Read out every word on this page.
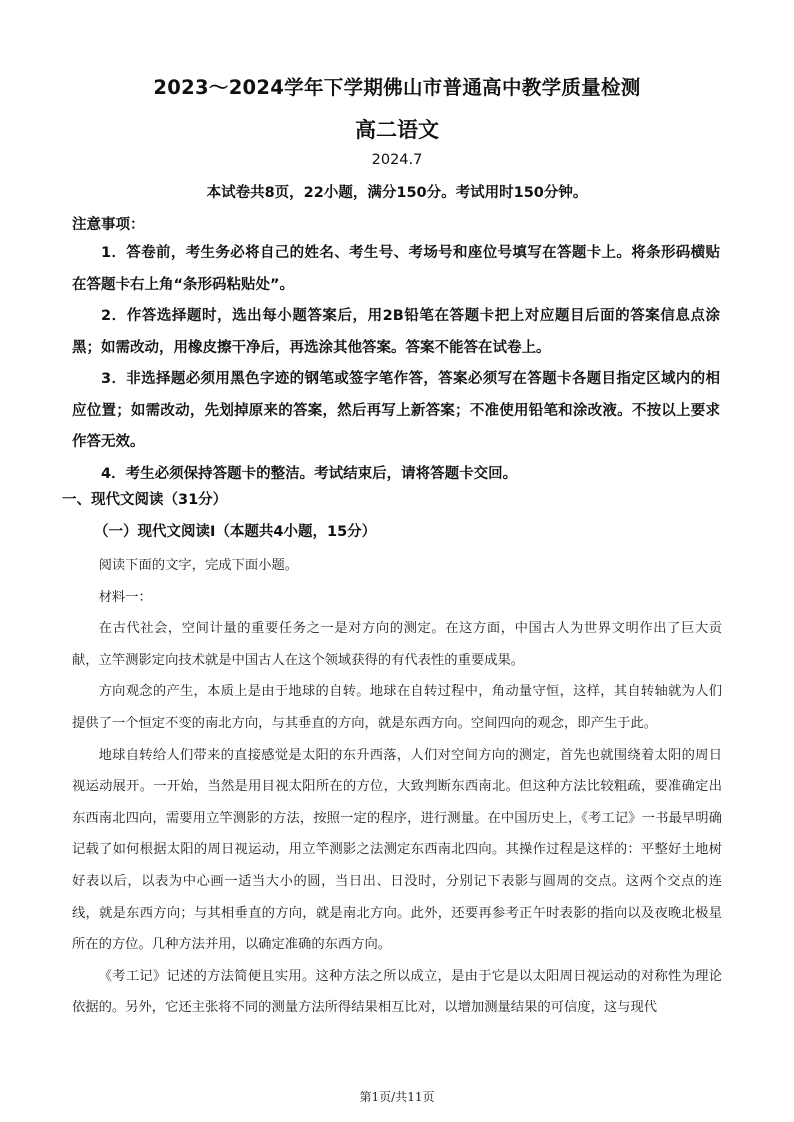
2023～2024学年下学期佛山市普通高中教学质量检测
高二语文
2024.7
本试卷共8页，22小题，满分150分。考试用时150分钟。
注意事项：

1．答卷前，考生务必将自己的姓名、考生号、考场号和座位号填写在答题卡上。将条形码横贴在答题卡右上角“条形码粘贴处”。

2．作答选择题时，选出每小题答案后，用2B铅笔在答题卡把上对应题目后面的答案信息点涂黑；如需改动，用橡皮擦干净后，再选涂其他答案。答案不能答在试卷上。

3．非选择题必须用黑色字迹的钢笔或签字笔作答，答案必须写在答题卡各题目指定区域内的相应位置；如需改动，先划掉原来的答案，然后再写上新答案；不准使用铅笔和涂改液。不按以上要求作答无效。

4．考生必须保持答题卡的整洁。考试结束后，请将答题卡交回。

一、现代文阅读（31分）
（一）现代文阅读Ⅰ（本题共4小题，15分）

阅读下面的文字，完成下面小题。

材料一：

在古代社会，空间计量的重要任务之一是对方向的测定。在这方面，中国古人为世界文明作出了巨大贡献，立竿测影定向技术就是中国古人在这个领域获得的有代表性的重要成果。

方向观念的产生，本质上是由于地球的自转。地球在自转过程中，角动量守恒，这样，其自转轴就为人们提供了一个恒定不变的南北方向，与其垂直的方向，就是东西方向。空间四向的观念，即产生于此。

地球自转给人们带来的直接感觉是太阳的东升西落，人们对空间方向的测定，首先也就围绕着太阳的周日视运动展开。一开始，当然是用目视太阳所在的方位，大致判断东西南北。但这种方法比较粗疏，要准确定出东西南北四向，需要用立竿测影的方法，按照一定的程序，进行测量。在中国历史上，《考工记》一书最早明确记载了如何根据太阳的周日视运动，用立竿测影之法测定东西南北四向。其操作过程是这样的：平整好土地树好表以后，以表为中心画一适当大小的圆，当日出、日没时，分别记下表影与圆周的交点。这两个交点的连线，就是东西方向；与其相垂直的方向，就是南北方向。此外，还要再参考正午时表影的指向以及夜晚北极星所在的方位。几种方法并用，以确定准确的东西方向。

《考工记》记述的方法简便且实用。这种方法之所以成立，是由于它是以太阳周日视运动的对称性为理论依据的。另外，它还主张将不同的测量方法所得结果相互比对，以增加测量结果的可信度，这与现代

第1页/共11页
